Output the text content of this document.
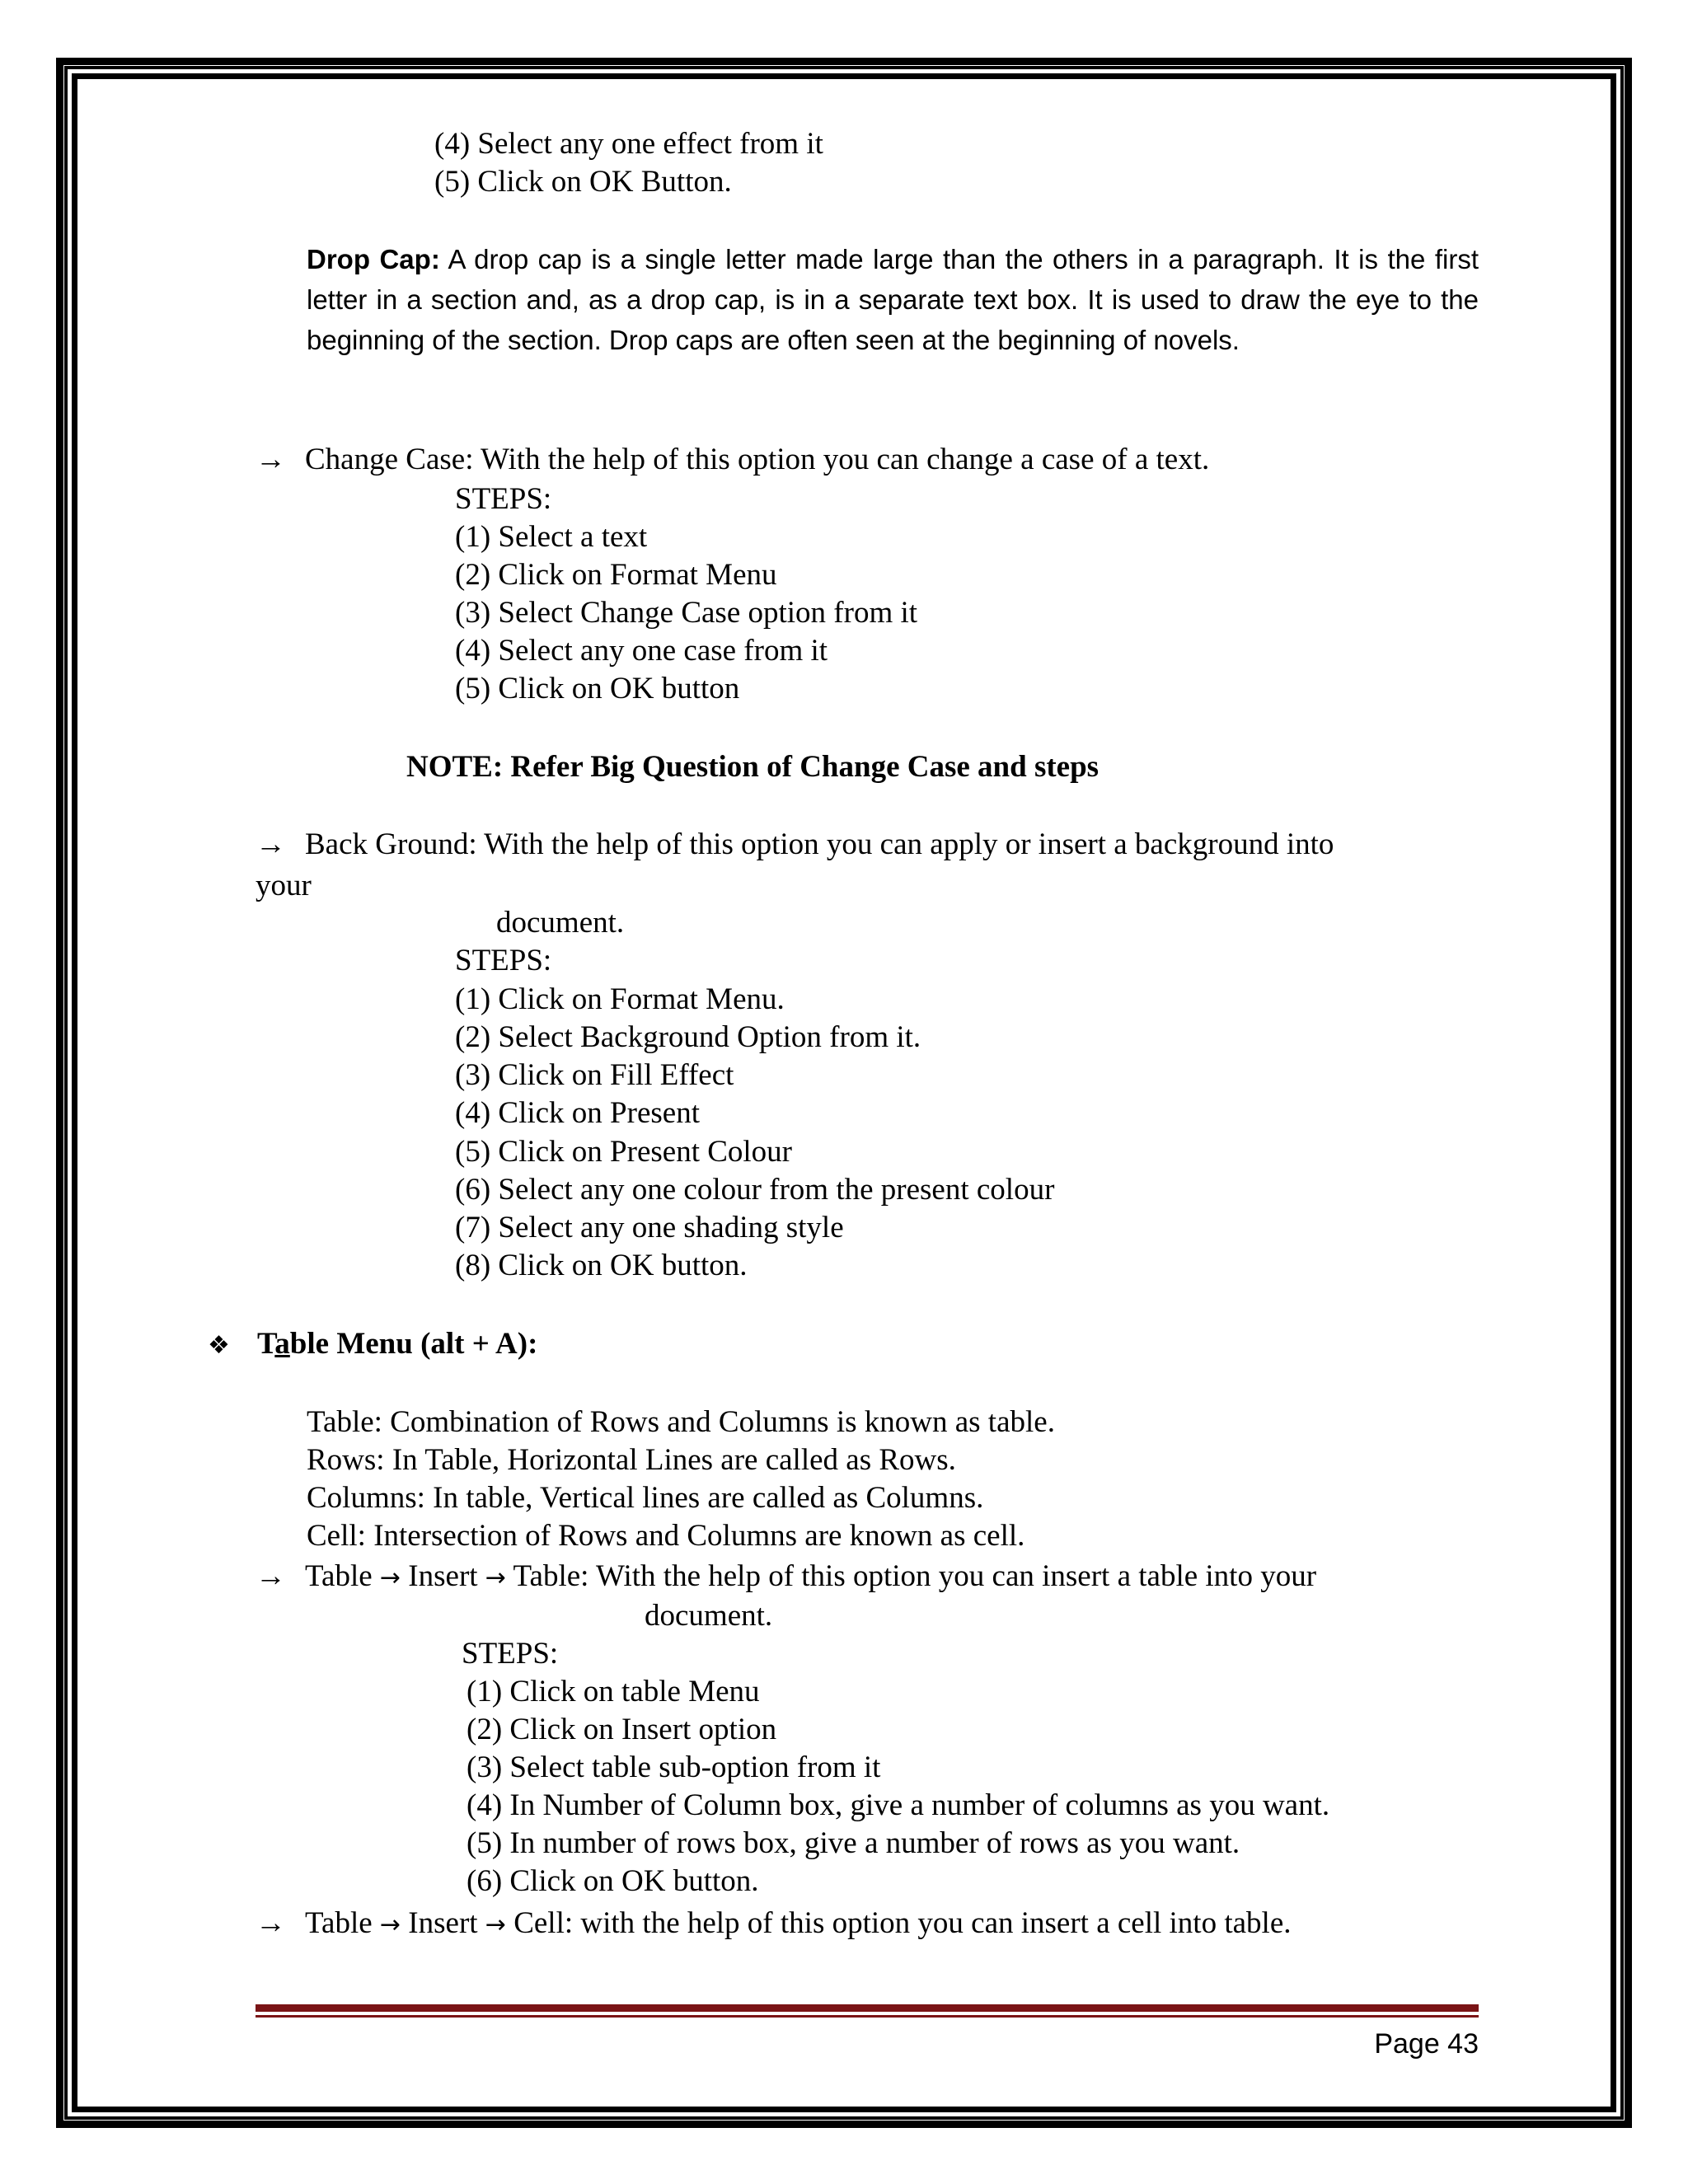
(4) Select any one effect from it
(5) Click on OK Button.
Drop Cap: A drop cap is a single letter made large than the others in a paragraph. It is the first letter in a section and, as a drop cap, is in a separate text box. It is used to draw the eye to the beginning of the section. Drop caps are often seen at the beginning of novels.
→ Change Case: With the help of this option you can change a case of a text.
STEPS:
(1) Select a text
(2) Click on Format Menu
(3) Select Change Case option from it
(4) Select any one case from it
(5) Click on OK button
NOTE: Refer Big Question of Change Case and steps
→ Back Ground: With the help of this option you can apply or insert a background into
your
document.
STEPS:
(1) Click on Format Menu.
(2) Select Background Option from it.
(3) Click on Fill Effect
(4) Click on Present
(5) Click on Present Colour
(6) Select any one colour from the present colour
(7) Select any one shading style
(8) Click on OK button.
❖ Table Menu (alt + A):
Table: Combination of Rows and Columns is known as table.
Rows: In Table, Horizontal Lines are called as Rows.
Columns: In table, Vertical lines are called as Columns.
Cell: Intersection of Rows and Columns are known as cell.
→ Table → Insert → Table: With the help of this option you can insert a table into your
document.
STEPS:
(1) Click on table Menu
(2) Click on Insert option
(3) Select table sub-option from it
(4) In Number of Column box, give a number of columns as you want.
(5) In number of rows box, give a number of rows as you want.
(6) Click on OK button.
→ Table → Insert → Cell: with the help of this option you can insert a cell into table.
Page 43
